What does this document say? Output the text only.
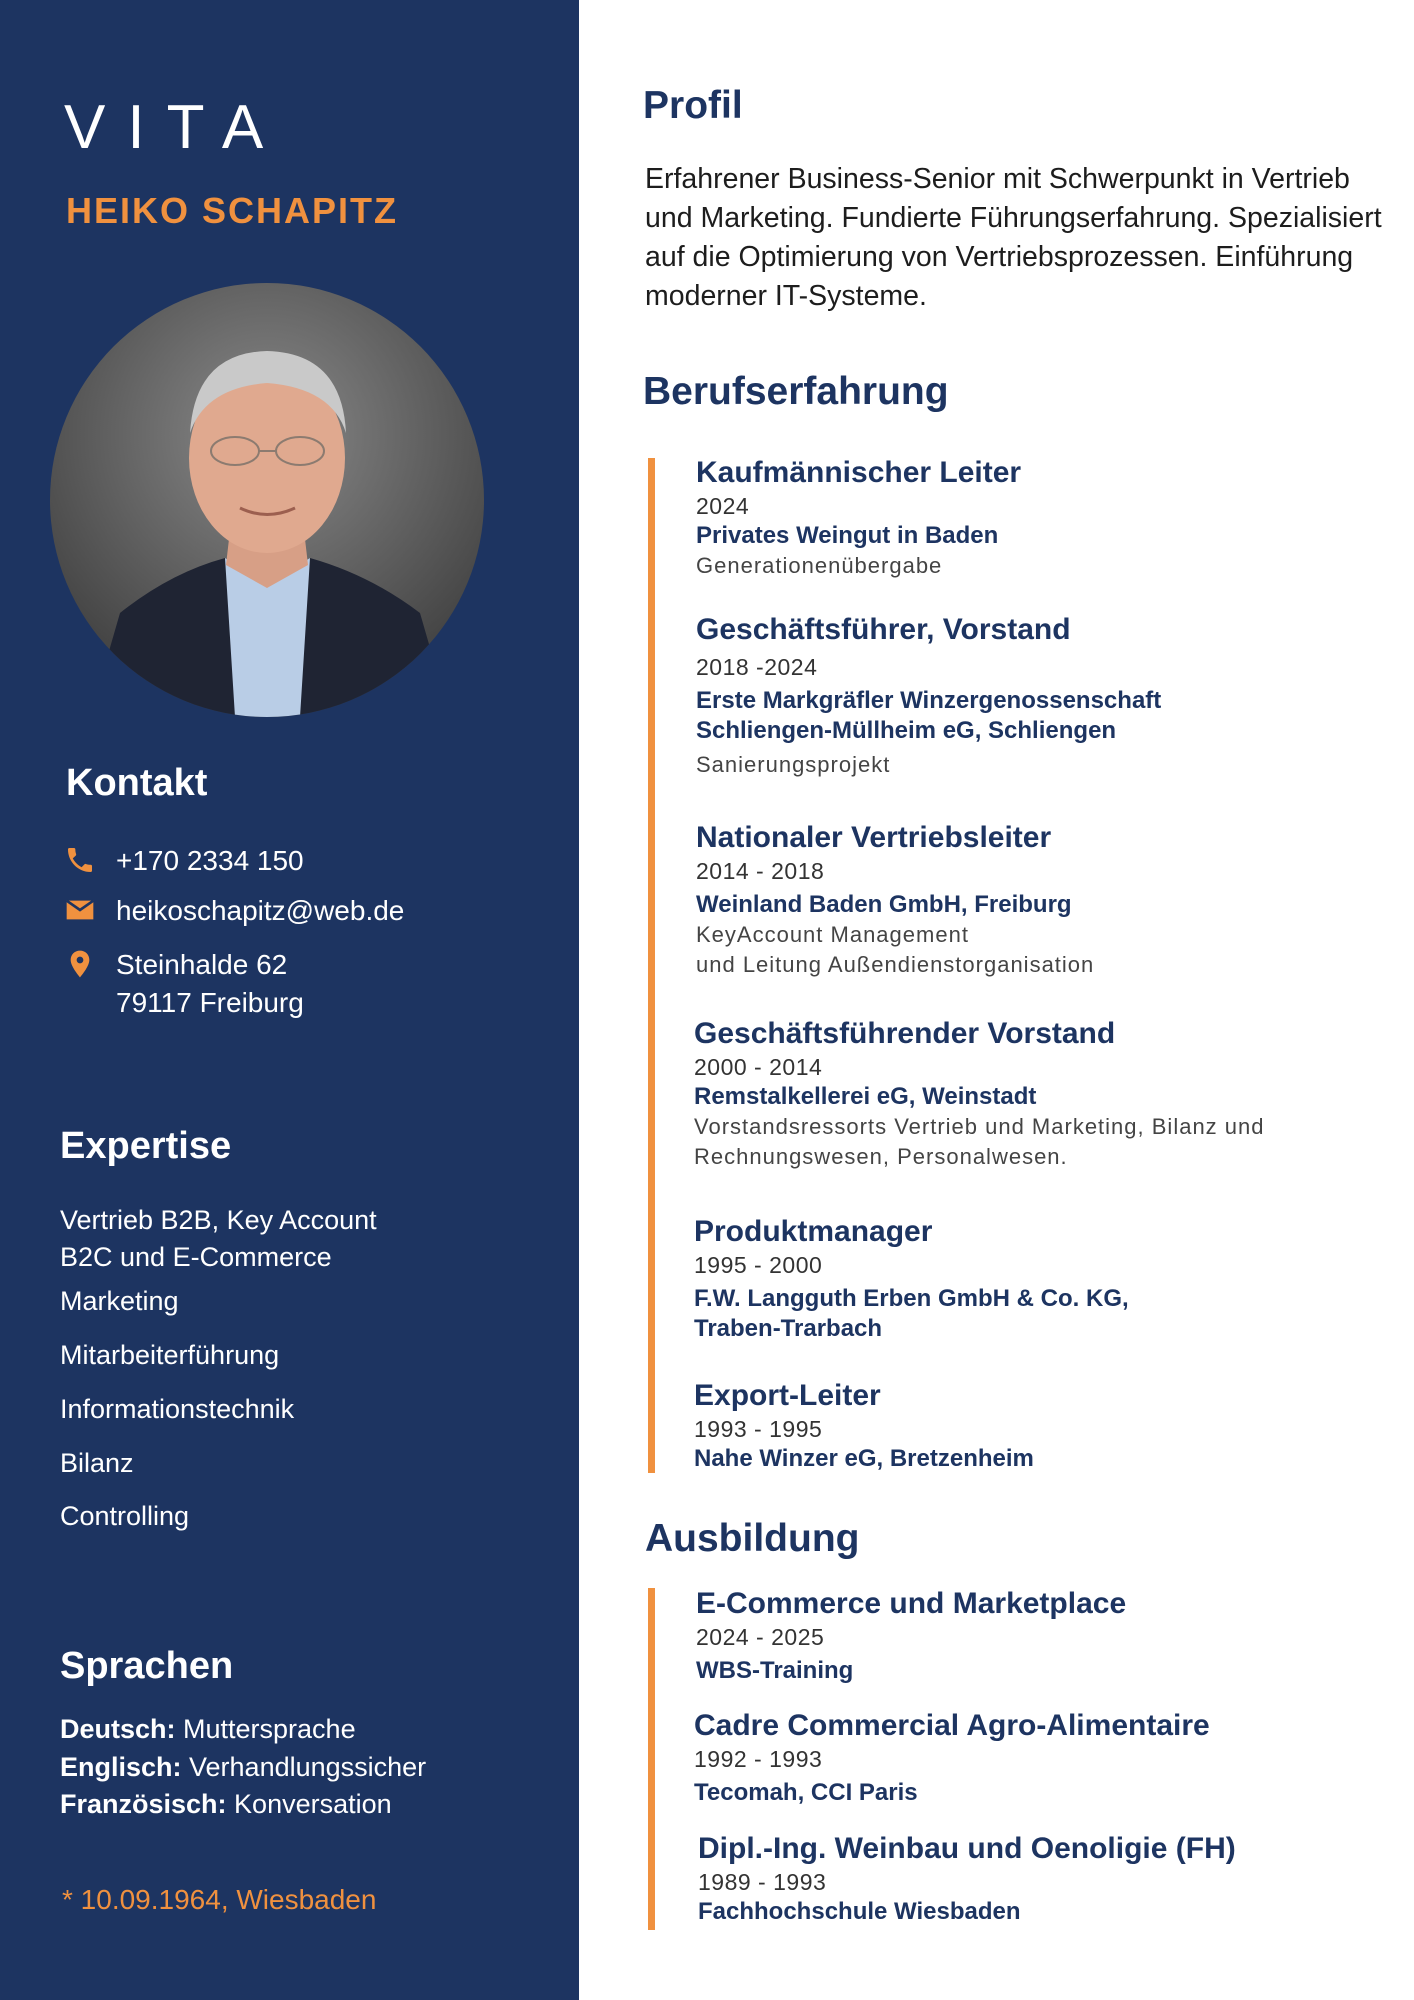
VITA
HEIKO SCHAPITZ
Kontakt
+170 2334 150
heikoschapitz@web.de
Steinhalde 62
79117 Freiburg
Expertise
Vertrieb B2B, Key Account
B2C und E-Commerce
Marketing
Mitarbeiterführung
Informationstechnik
Bilanz
Controlling
Sprachen
Deutsch: Muttersprache
Englisch: Verhandlungssicher
Französisch: Konversation
* 10.09.1964, Wiesbaden
Profil
Erfahrener Business-Senior mit Schwerpunkt in Vertrieb und Marketing. Fundierte Führungserfahrung. Spezialisiert auf die Optimierung von Vertriebsprozessen. Einführung moderner IT-Systeme.
Berufserfahrung
Kaufmännischer Leiter
2024
Privates Weingut in Baden
Generationenübergabe
Geschäftsführer, Vorstand
2018 -2024
Erste Markgräfler Winzergenossenschaft
Schliengen-Müllheim eG, Schliengen
Sanierungsprojekt
Nationaler Vertriebsleiter
2014 - 2018
Weinland Baden GmbH, Freiburg
KeyAccount Management
und Leitung Außendienstorganisation
Geschäftsführender Vorstand
2000 - 2014
Remstalkellerei eG, Weinstadt
Vorstandsressorts Vertrieb und Marketing, Bilanz und
Rechnungswesen, Personalwesen.
Produktmanager
1995 - 2000
F.W. Langguth Erben GmbH & Co. KG,
Traben-Trarbach
Export-Leiter
1993 - 1995
Nahe Winzer eG, Bretzenheim
Ausbildung
E-Commerce und Marketplace
2024 - 2025
WBS-Training
Cadre Commercial Agro-Alimentaire
1992 - 1993
Tecomah, CCI Paris
Dipl.-Ing. Weinbau und Oenoligie (FH)
1989 - 1993
Fachhochschule Wiesbaden
